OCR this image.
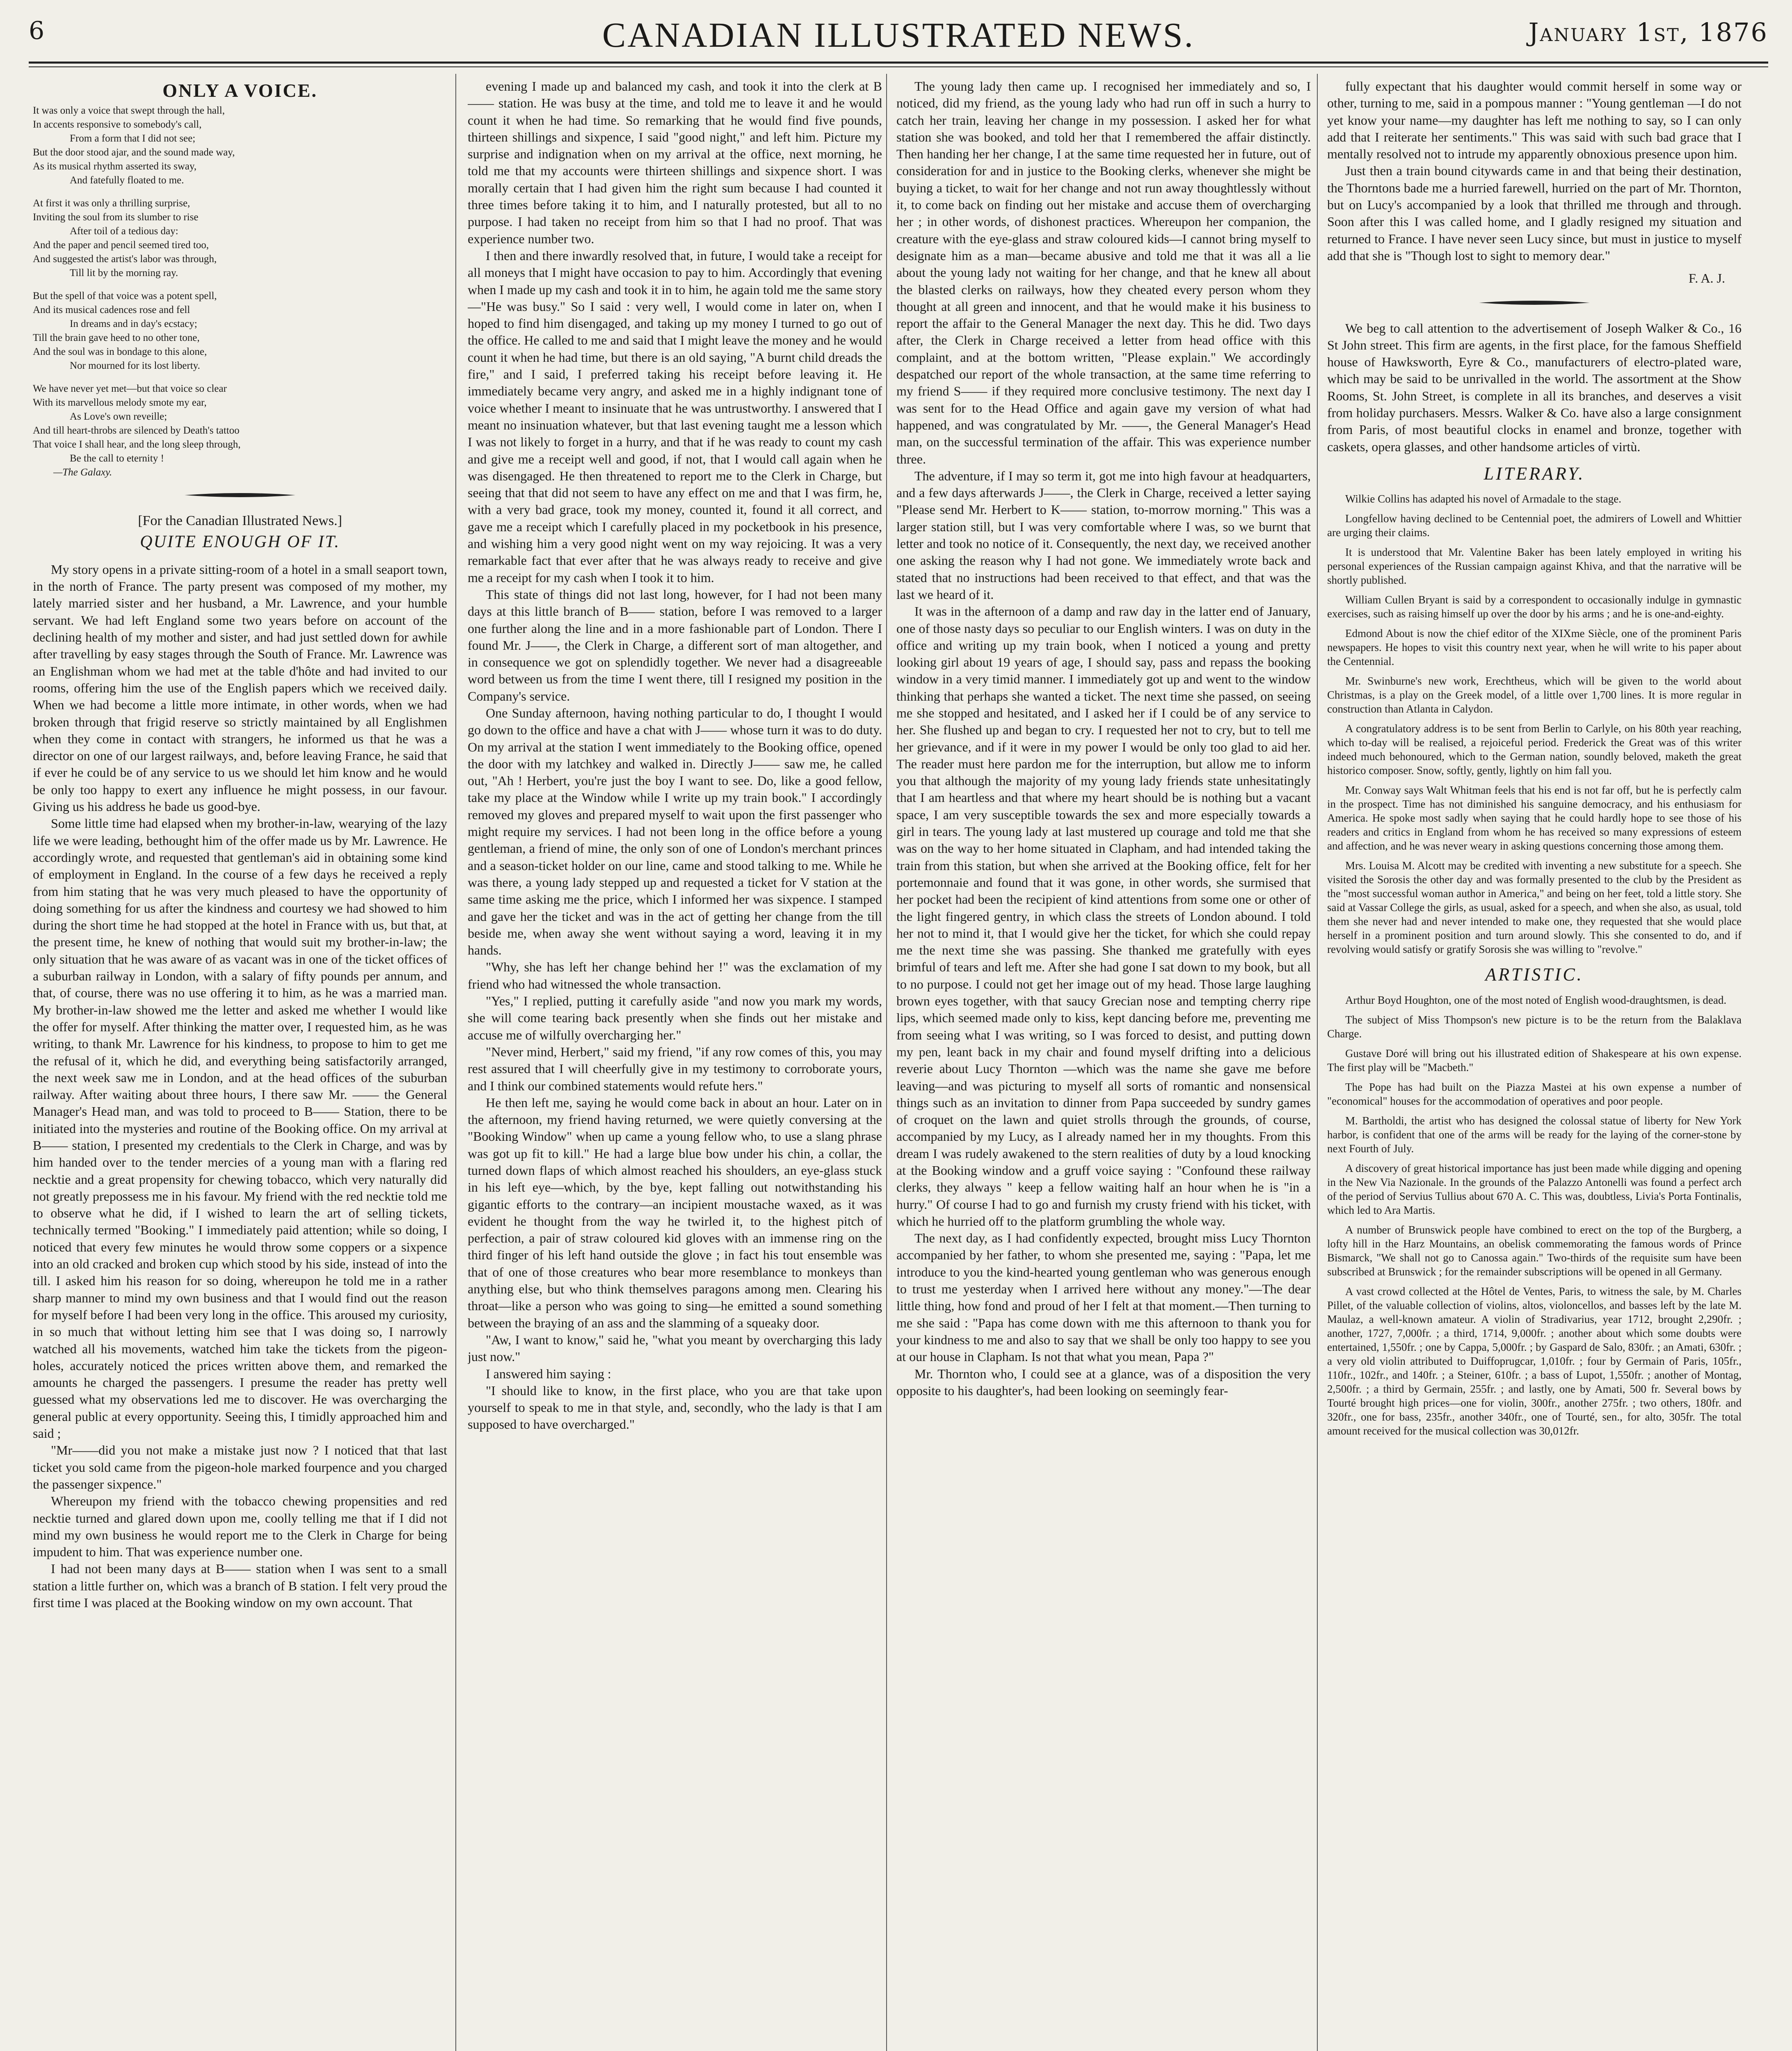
6	CANADIAN ILLUSTRATED NEWS.	January 1st, 1876
ONLY A VOICE.
It was only a voice that swept through the hall,
In accents responsive to somebody's call,
From a form that I did not see;
But the door stood ajar, and the sound made way,
As its musical rhythm asserted its sway,
And fatefully floated to me.
At first it was only a thrilling surprise,
Inviting the soul from its slumber to rise
After toil of a tedious day:
And the paper and pencil seemed tired too,
And suggested the artist's labor was through,
Till lit by the morning ray.
But the spell of that voice was a potent spell,
And its musical cadences rose and fell
In dreams and in day's ecstacy;
Till the brain gave heed to no other tone,
And the soul was in bondage to this alone,
Nor mourned for its lost liberty.
We have never yet met—but that voice so clear
With its marvellous melody smote my ear,
As Love's own reveille;
And till heart-throbs are silenced by Death's tattoo
That voice I shall hear, and the long sleep through,
Be the call to eternity !
—The Galaxy.
[For the Canadian Illustrated News.]
QUITE ENOUGH OF IT.

My story opens in a private sitting-room of a hotel in a small seaport town, in the north of France. The party present was composed of my mother, my lately married sister and her husband, a Mr. Lawrence, and your humble servant. We had left England some two years before on account of the declining health of my mother and sister, and had just settled down for awhile after travelling by easy stages through the South of France. Mr. Lawrence was an Englishman whom we had met at the table d'hôte and had invited to our rooms, offering him the use of the English papers which we received daily. When we had become a little more intimate, in other words, when we had broken through that frigid reserve so strictly maintained by all Englishmen when they come in contact with strangers, he informed us that he was a director on one of our largest railways, and, before leaving France, he said that if ever he could be of any service to us we should let him know and he would be only too happy to exert any influence he might possess, in our favour. Giving us his address he bade us good-bye.

Some little time had elapsed when my brother-in-law, wearying of the lazy life we were leading, bethought him of the offer made us by Mr. Lawrence. He accordingly wrote, and requested that gentleman's aid in obtaining some kind of employment in England. In the course of a few days he received a reply from him stating that he was very much pleased to have the opportunity of doing something for us after the kindness and courtesy we had showed to him during the short time he had stopped at the hotel in France with us, but that, at the present time, he knew of nothing that would suit my brother-in-law; the only situation that he was aware of as vacant was in one of the ticket offices of a suburban railway in London, with a salary of fifty pounds per annum, and that, of course, there was no use offering it to him, as he was a married man. My brother-in-law showed me the letter and asked me whether I would like the offer for myself. After thinking the matter over, I requested him, as he was writing, to thank Mr. Lawrence for his kindness, to propose to him to get me the refusal of it, which he did, and everything being satisfactorily arranged, the next week saw me in London, and at the head offices of the suburban railway. After waiting about three hours, I there saw Mr. —— the General Manager's Head man, and was told to proceed to B—— Station, there to be initiated into the mysteries and routine of the Booking office. On my arrival at B—— station, I presented my credentials to the Clerk in Charge, and was by him handed over to the tender mercies of a young man with a flaring red necktie and a great propensity for chewing tobacco, which very naturally did not greatly prepossess me in his favour. My friend with the red necktie told me to observe what he did, if I wished to learn the art of selling tickets, technically termed "Booking." I immediately paid attention; while so doing, I noticed that every few minutes he would throw some coppers or a sixpence into an old cracked and broken cup which stood by his side, instead of into the till. I asked him his reason for so doing, whereupon he told me in a rather sharp manner to mind my own business and that I would find out the reason for myself before I had been very long in the office. This aroused my curiosity, in so much that without letting him see that I was doing so, I narrowly watched all his movements, watched him take the tickets from the pigeon-holes, accurately noticed the prices written above them, and remarked the amounts he charged the passengers. I presume the reader has pretty well guessed what my observations led me to discover. He was overcharging the general public at every opportunity. Seeing this, I timidly approached him and said ;

"Mr——did you not make a mistake just now ? I noticed that that last ticket you sold came from the pigeon-hole marked fourpence and you charged the passenger sixpence."

Whereupon my friend with the tobacco chewing propensities and red necktie turned and glared down upon me, coolly telling me that if I did not mind my own business he would report me to the Clerk in Charge for being impudent to him. That was experience number one.

I had not been many days at B—— station when I was sent to a small station a little further on, which was a branch of B station. I felt very proud the first time I was placed at the Booking window on my own account. That

evening I made up and balanced my cash, and took it into the clerk at B—— station. He was busy at the time, and told me to leave it and he would count it when he had time. So remarking that he would find five pounds, thirteen shillings and sixpence, I said "good night," and left him. Picture my surprise and indignation when on my arrival at the office, next morning, he told me that my accounts were thirteen shillings and sixpence short. I was morally certain that I had given him the right sum because I had counted it three times before taking it to him, and I naturally protested, but all to no purpose. I had taken no receipt from him so that I had no proof. That was experience number two.

I then and there inwardly resolved that, in future, I would take a receipt for all moneys that I might have occasion to pay to him. Accordingly that evening when I made up my cash and took it in to him, he again told me the same story—"He was busy." So I said : very well, I would come in later on, when I hoped to find him disengaged, and taking up my money I turned to go out of the office. He called to me and said that I might leave the money and he would count it when he had time, but there is an old saying, "A burnt child dreads the fire," and I said, I preferred taking his receipt before leaving it. He immediately became very angry, and asked me in a highly indignant tone of voice whether I meant to insinuate that he was untrustworthy. I answered that I meant no insinuation whatever, but that last evening taught me a lesson which I was not likely to forget in a hurry, and that if he was ready to count my cash and give me a receipt well and good, if not, that I would call again when he was disengaged. He then threatened to report me to the Clerk in Charge, but seeing that that did not seem to have any effect on me and that I was firm, he, with a very bad grace, took my money, counted it, found it all correct, and gave me a receipt which I carefully placed in my pocketbook in his presence, and wishing him a very good night went on my way rejoicing. It was a very remarkable fact that ever after that he was always ready to receive and give me a receipt for my cash when I took it to him.

This state of things did not last long, however, for I had not been many days at this little branch of B—— station, before I was removed to a larger one further along the line and in a more fashionable part of London. There I found Mr. J——, the Clerk in Charge, a different sort of man altogether, and in consequence we got on splendidly together. We never had a disagreeable word between us from the time I went there, till I resigned my position in the Company's service.

One Sunday afternoon, having nothing particular to do, I thought I would go down to the office and have a chat with J—— whose turn it was to do duty. On my arrival at the station I went immediately to the Booking office, opened the door with my latchkey and walked in. Directly J—— saw me, he called out, "Ah ! Herbert, you're just the boy I want to see. Do, like a good fellow, take my place at the Window while I write up my train book." I accordingly removed my gloves and prepared myself to wait upon the first passenger who might require my services. I had not been long in the office before a young gentleman, a friend of mine, the only son of one of London's merchant princes and a season-ticket holder on our line, came and stood talking to me. While he was there, a young lady stepped up and requested a ticket for V station at the same time asking me the price, which I informed her was sixpence. I stamped and gave her the ticket and was in the act of getting her change from the till beside me, when away she went without saying a word, leaving it in my hands.

"Why, she has left her change behind her !" was the exclamation of my friend who had witnessed the whole transaction.

"Yes," I replied, putting it carefully aside "and now you mark my words, she will come tearing back presently when she finds out her mistake and accuse me of wilfully overcharging her."

"Never mind, Herbert," said my friend, "if any row comes of this, you may rest assured that I will cheerfully give in my testimony to corroborate yours, and I think our combined statements would refute hers."

He then left me, saying he would come back in about an hour. Later on in the afternoon, my friend having returned, we were quietly conversing at the "Booking Window" when up came a young fellow who, to use a slang phrase was got up fit to kill." He had a large blue bow under his chin, a collar, the turned down flaps of which almost reached his shoulders, an eye-glass stuck in his left eye—which, by the bye, kept falling out notwithstanding his gigantic efforts to the contrary—an incipient moustache waxed, as it was evident he thought from the way he twirled it, to the highest pitch of perfection, a pair of straw coloured kid gloves with an immense ring on the third finger of his left hand outside the glove ; in fact his tout ensemble was that of one of those creatures who bear more resemblance to monkeys than anything else, but who think themselves paragons among men. Clearing his throat—like a person who was going to sing—he emitted a sound something between the braying of an ass and the slamming of a squeaky door.

"Aw, I want to know," said he, "what you meant by overcharging this lady just now."

I answered him saying :

"I should like to know, in the first place, who you are that take upon yourself to speak to me in that style, and, secondly, who the lady is that I am supposed to have overcharged."

The young lady then came up. I recognised her immediately and so, I noticed, did my friend, as the young lady who had run off in such a hurry to catch her train, leaving her change in my possession. I asked her for what station she was booked, and told her that I remembered the affair distinctly. Then handing her her change, I at the same time requested her in future, out of consideration for and in justice to the Booking clerks, whenever she might be buying a ticket, to wait for her change and not run away thoughtlessly without it, to come back on finding out her mistake and accuse them of overcharging her ; in other words, of dishonest practices. Whereupon her companion, the creature with the eye-glass and straw coloured kids—I cannot bring myself to designate him as a man—became abusive and told me that it was all a lie about the young lady not waiting for her change, and that he knew all about the blasted clerks on railways, how they cheated every person whom they thought at all green and innocent, and that he would make it his business to report the affair to the General Manager the next day. This he did. Two days after, the Clerk in Charge received a letter from head office with this complaint, and at the bottom written, "Please explain." We accordingly despatched our report of the whole transaction, at the same time referring to my friend S—— if they required more conclusive testimony. The next day I was sent for to the Head Office and again gave my version of what had happened, and was congratulated by Mr. ——, the General Manager's Head man, on the successful termination of the affair. This was experience number three.

The adventure, if I may so term it, got me into high favour at headquarters, and a few days afterwards J——, the Clerk in Charge, received a letter saying "Please send Mr. Herbert to K—— station, to-morrow morning." This was a larger station still, but I was very comfortable where I was, so we burnt that letter and took no notice of it. Consequently, the next day, we received another one asking the reason why I had not gone. We immediately wrote back and stated that no instructions had been received to that effect, and that was the last we heard of it.

It was in the afternoon of a damp and raw day in the latter end of January, one of those nasty days so peculiar to our English winters. I was on duty in the office and writing up my train book, when I noticed a young and pretty looking girl about 19 years of age, I should say, pass and repass the booking window in a very timid manner. I immediately got up and went to the window thinking that perhaps she wanted a ticket. The next time she passed, on seeing me she stopped and hesitated, and I asked her if I could be of any service to her. She flushed up and began to cry. I requested her not to cry, but to tell me her grievance, and if it were in my power I would be only too glad to aid her. The reader must here pardon me for the interruption, but allow me to inform you that although the majority of my young lady friends state unhesitatingly that I am heartless and that where my heart should be is nothing but a vacant space, I am very susceptible towards the sex and more especially towards a girl in tears. The young lady at last mustered up courage and told me that she was on the way to her home situated in Clapham, and had intended taking the train from this station, but when she arrived at the Booking office, felt for her portemonnaie and found that it was gone, in other words, she surmised that her pocket had been the recipient of kind attentions from some one or other of the light fingered gentry, in which class the streets of London abound. I told her not to mind it, that I would give her the ticket, for which she could repay me the next time she was passing. She thanked me gratefully with eyes brimful of tears and left me. After she had gone I sat down to my book, but all to no purpose. I could not get her image out of my head. Those large laughing brown eyes together, with that saucy Grecian nose and tempting cherry ripe lips, which seemed made only to kiss, kept dancing before me, preventing me from seeing what I was writing, so I was forced to desist, and putting down my pen, leant back in my chair and found myself drifting into a delicious reverie about Lucy Thornton —which was the name she gave me before leaving—and was picturing to myself all sorts of romantic and nonsensical things such as an invitation to dinner from Papa succeeded by sundry games of croquet on the lawn and quiet strolls through the grounds, of course, accompanied by my Lucy, as I already named her in my thoughts. From this dream I was rudely awakened to the stern realities of duty by a loud knocking at the Booking window and a gruff voice saying : "Confound these railway clerks, they always " keep a fellow waiting half an hour when he is "in a hurry." Of course I had to go and furnish my crusty friend with his ticket, with which he hurried off to the platform grumbling the whole way.

The next day, as I had confidently expected, brought miss Lucy Thornton accompanied by her father, to whom she presented me, saying : "Papa, let me introduce to you the kind-hearted young gentleman who was generous enough to trust me yesterday when I arrived here without any money."—The dear little thing, how fond and proud of her I felt at that moment.—Then turning to me she said : "Papa has come down with me this afternoon to thank you for your kindness to me and also to say that we shall be only too happy to see you at our house in Clapham. Is not that what you mean, Papa ?"

Mr. Thornton who, I could see at a glance, was of a disposition the very opposite to his daughter's, had been looking on seemingly fear-

fully expectant that his daughter would commit herself in some way or other, turning to me, said in a pompous manner : "Young gentleman —I do not yet know your name—my daughter has left me nothing to say, so I can only add that I reiterate her sentiments." This was said with such bad grace that I mentally resolved not to intrude my apparently obnoxious presence upon him.

Just then a train bound citywards came in and that being their destination, the Thorntons bade me a hurried farewell, hurried on the part of Mr. Thornton, but on Lucy's accompanied by a look that thrilled me through and through. Soon after this I was called home, and I gladly resigned my situation and returned to France. I have never seen Lucy since, but must in justice to myself add that she is "Though lost to sight to memory dear."

F. A. J.

We beg to call attention to the advertisement of Joseph Walker & Co., 16 St John street. This firm are agents, in the first place, for the famous Sheffield house of Hawksworth, Eyre & Co., manufacturers of electro-plated ware, which may be said to be unrivalled in the world. The assortment at the Show Rooms, St. John Street, is complete in all its branches, and deserves a visit from holiday purchasers. Messrs. Walker & Co. have also a large consignment from Paris, of most beautiful clocks in enamel and bronze, together with caskets, opera glasses, and other handsome articles of virtù.

LITERARY.

Wilkie Collins has adapted his novel of Armadale to the stage.

Longfellow having declined to be Centennial poet, the admirers of Lowell and Whittier are urging their claims.

It is understood that Mr. Valentine Baker has been lately employed in writing his personal experiences of the Russian campaign against Khiva, and that the narrative will be shortly published.

William Cullen Bryant is said by a correspondent to occasionally indulge in gymnastic exercises, such as raising himself up over the door by his arms ; and he is one-and-eighty.

Edmond About is now the chief editor of the XIXme Siècle, one of the prominent Paris newspapers. He hopes to visit this country next year, when he will write to his paper about the Centennial.

Mr. Swinburne's new work, Erechtheus, which will be given to the world about Christmas, is a play on the Greek model, of a little over 1,700 lines. It is more regular in construction than Atlanta in Calydon.

A congratulatory address is to be sent from Berlin to Carlyle, on his 80th year reaching, which to-day will be realised, a rejoiceful period. Frederick the Great was of this writer indeed much behonoured, which to the German nation, soundly beloved, maketh the great historico composer. Snow, softly, gently, lightly on him fall you.

Mr. Conway says Walt Whitman feels that his end is not far off, but he is perfectly calm in the prospect. Time has not diminished his sanguine democracy, and his enthusiasm for America. He spoke most sadly when saying that he could hardly hope to see those of his readers and critics in England from whom he has received so many expressions of esteem and affection, and he was never weary in asking questions concerning those among them.

Mrs. Louisa M. Alcott may be credited with inventing a new substitute for a speech. She visited the Sorosis the other day and was formally presented to the club by the President as the "most successful woman author in America," and being on her feet, told a little story. She said at Vassar College the girls, as usual, asked for a speech, and when she also, as usual, told them she never had and never intended to make one, they requested that she would place herself in a prominent position and turn around slowly. This she consented to do, and if revolving would satisfy or gratify Sorosis she was willing to "revolve."

ARTISTIC.

Arthur Boyd Houghton, one of the most noted of English wood-draughtsmen, is dead.

The subject of Miss Thompson's new picture is to be the return from the Balaklava Charge.

Gustave Doré will bring out his illustrated edition of Shakespeare at his own expense. The first play will be "Macbeth."

The Pope has had built on the Piazza Mastei at his own expense a number of "economical" houses for the accommodation of operatives and poor people.

M. Bartholdi, the artist who has designed the colossal statue of liberty for New York harbor, is confident that one of the arms will be ready for the laying of the corner-stone by next Fourth of July.

A discovery of great historical importance has just been made while digging and opening in the New Via Nazionale. In the grounds of the Palazzo Antonelli was found a perfect arch of the period of Servius Tullius about 670 A. C. This was, doubtless, Livia's Porta Fontinalis, which led to Ara Martis.

A number of Brunswick people have combined to erect on the top of the Burgberg, a lofty hill in the Harz Mountains, an obelisk commemorating the famous words of Prince Bismarck, "We shall not go to Canossa again." Two-thirds of the requisite sum have been subscribed at Brunswick ; for the remainder subscriptions will be opened in all Germany.

A vast crowd collected at the Hôtel de Ventes, Paris, to witness the sale, by M. Charles Pillet, of the valuable collection of violins, altos, violoncellos, and basses left by the late M. Maulaz, a well-known amateur. A violin of Stradivarius, year 1712, brought 2,290fr. ; another, 1727, 7,000fr. ; a third, 1714, 9,000fr. ; another about which some doubts were entertained, 1,550fr. ; one by Cappa, 5,000fr. ; by Gaspard de Salo, 830fr. ; an Amati, 630fr. ; a very old violin attributed to Duiffoprugcar, 1,010fr. ; four by Germain of Paris, 105fr., 110fr., 102fr., and 140fr. ; a Steiner, 610fr. ; a bass of Lupot, 1,550fr. ; another of Montag, 2,500fr. ; a third by Germain, 255fr. ; and lastly, one by Amati, 500 fr. Several bows by Tourté brought high prices—one for violin, 300fr., another 275fr. ; two others, 180fr. and 320fr., one for bass, 235fr., another 340fr., one of Tourté, sen., for alto, 305fr. The total amount received for the musical collection was 30,012fr.
